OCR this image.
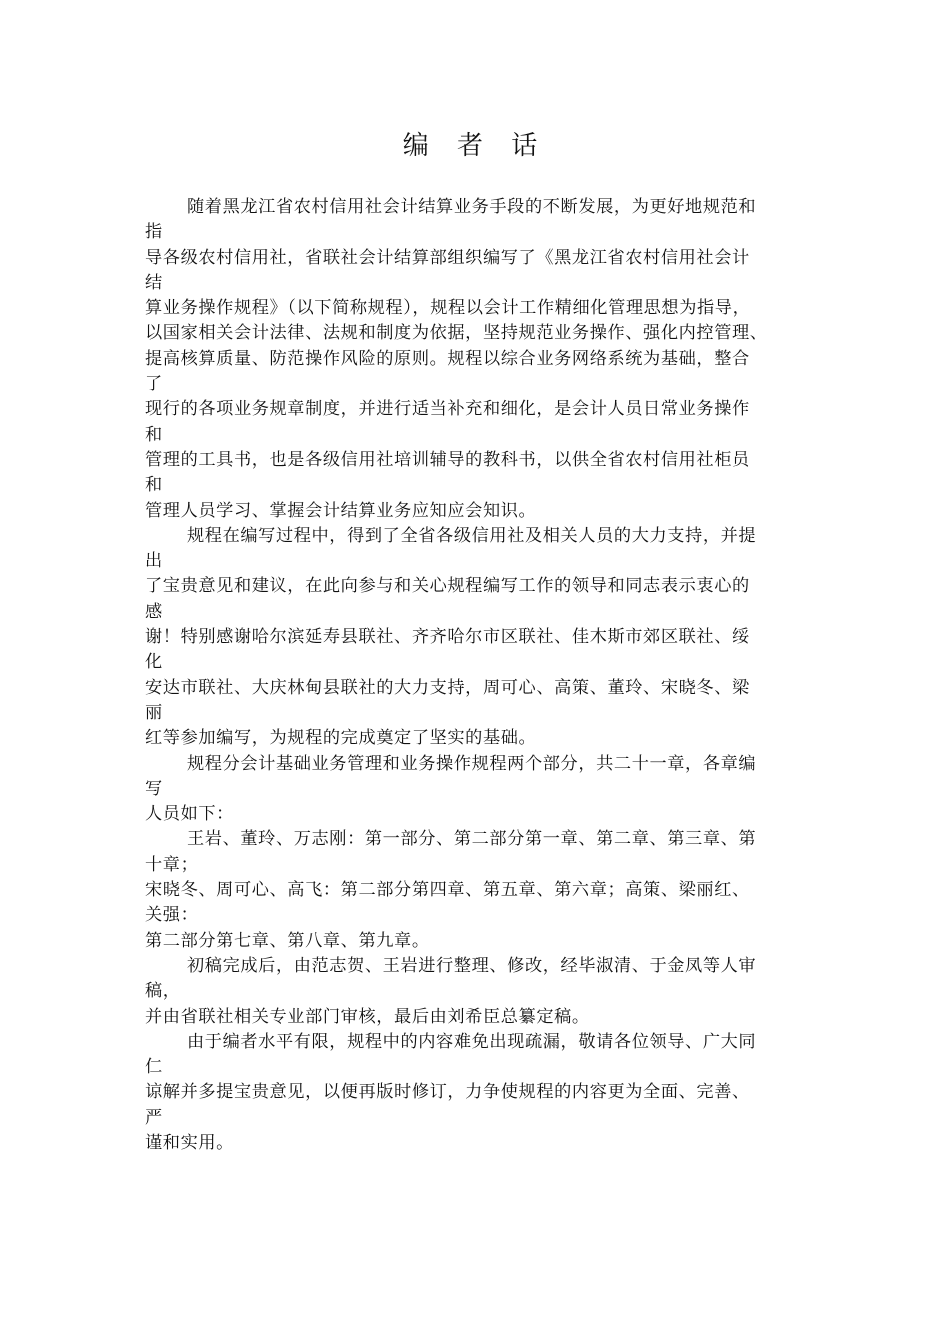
编 者 话
随着黑龙江省农村信用社会计结算业务手段的不断发展，为更好地规范和
指
导各级农村信用社，省联社会计结算部组织编写了《黑龙江省农村信用社会计
结
算业务操作规程》（以下简称规程），规程以会计工作精细化管理思想为指导，
以国家相关会计法律、法规和制度为依据，坚持规范业务操作、强化内控管理、
提高核算质量、防范操作风险的原则。规程以综合业务网络系统为基础，整合
了
现行的各项业务规章制度，并进行适当补充和细化，是会计人员日常业务操作
和
管理的工具书，也是各级信用社培训辅导的教科书，以供全省农村信用社柜员
和
管理人员学习、掌握会计结算业务应知应会知识。
规程在编写过程中，得到了全省各级信用社及相关人员的大力支持，并提
出
了宝贵意见和建议，在此向参与和关心规程编写工作的领导和同志表示衷心的
感
谢！特别感谢哈尔滨延寿县联社、齐齐哈尔市区联社、佳木斯市郊区联社、绥
化
安达市联社、大庆林甸县联社的大力支持，周可心、高策、董玲、宋晓冬、梁
丽
红等参加编写，为规程的完成奠定了坚实的基础。
规程分会计基础业务管理和业务操作规程两个部分，共二十一章，各章编
写
人员如下：
王岩、董玲、万志刚：第一部分、第二部分第一章、第二章、第三章、第
十章；
宋晓冬、周可心、高飞：第二部分第四章、第五章、第六章；高策、梁丽红、
关强：
第二部分第七章、第八章、第九章。
初稿完成后，由范志贺、王岩进行整理、修改，经毕淑清、于金凤等人审
稿，
并由省联社相关专业部门审核，最后由刘希臣总纂定稿。
由于编者水平有限，规程中的内容难免出现疏漏，敬请各位领导、广大同
仁
谅解并多提宝贵意见，以便再版时修订，力争使规程的内容更为全面、完善、
严
谨和实用。
